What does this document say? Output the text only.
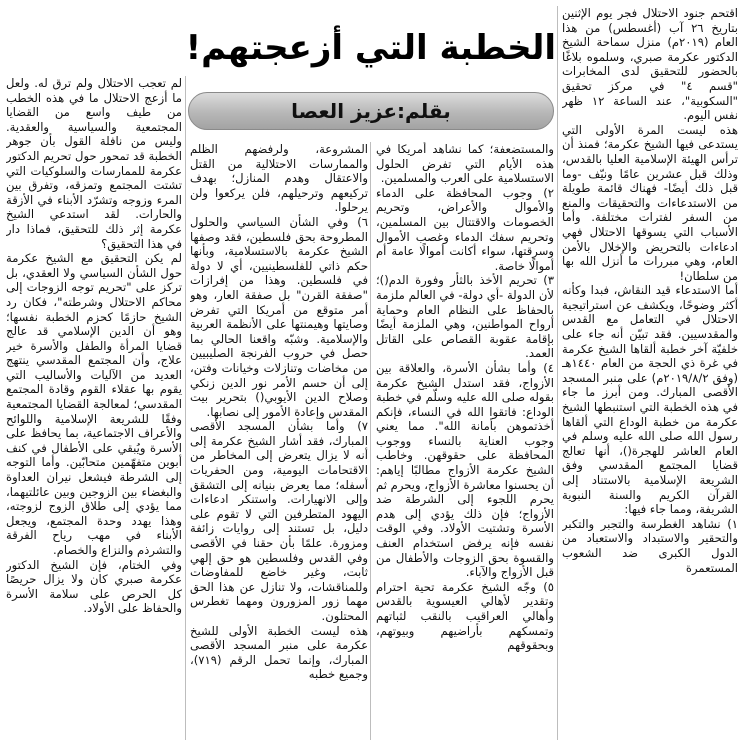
الخطبة التي أزعجتهم!
بقلم:عزيز العصا

اقتحم جنود الاحتلال فجر يوم الإثنين بتاريخ ٢٦ آب (أغسطس) من هذا العام (٢٠١٩م) منزل سماحة الشيخ الدكتور عكرمة صبري، وسلموه بلاغًا بالحضور للتحقيق لدى المخابرات "قسم ٤" في مركز تحقيق "السكوبية"، عند الساعة ١٢ ظهر نفس اليوم.

هذه ليست المرة الأولى التي يستدعى فيها الشيخ عكرمة؛ فمنذ أن ترأس الهيئة الإسلامية العليا بالقدس، وذلك قبل عشرين عامًا ونيّف -وما قبل ذلك أيضًا- فهناك قائمة طويلة من الاستدعاءات والتحقيقات والمنع من السفر لفترات مختلفة. وأما الأسباب التي يسوقها الاحتلال فهي ادعاءات بالتحريض والإخلال بالأمن العام، وهي مبررات ما أنزل الله بها من سلطان!

أما الاستدعاء قيد النقاش، فبدا وكأنه أكثر وضوحًا، ويكشف عن استراتيجية الاحتلال في التعامل مع القدس والمقدسيين. فقد تبيّن أنه جاء على خلفيّة آخر خطبة ألقاها الشيخ عكرمة في غرة ذي الحجة من العام ١٤٤٠هـ (وفق ٢٠١٩/٨/٢م) على منبر المسجد الأقصى المبارك. ومن أبرز ما جاء في هذه الخطبة التي استنبطها الشيخ عكرمة من خطبة الوداع التي ألقاها رسول الله صلى الله عليه وسلم في العام العاشر للهجرة()، أنها تعالج قضايا المجتمع المقدسي وفق الشريعة الإسلامية بالاستناد إلى القرآن الكريم والسنة النبوية الشريفة، ومما جاء فيها:

١) نشاهد الغطرسة والتجبر والتكبر والتحقير والاستبداد والاستعباد من الدول الكبرى ضد الشعوب المستعمرة

والمستضعفة؛ كما نشاهد أمريكا في هذه الأيام التي تفرض الحلول الاستسلامية على العرب والمسلمين.

٢) وجوب المحافظة على الدماء والأموال والأعراض، وتحريم الخصومات والاقتتال بين المسلمين، وتحريم سفك الدماء وغصب الأموال وسرقتها، سواء أكانت أموالًا عامة أم أموالًا خاصة.

٣) تحريم الأخذ بالثأر وفورة الدم()؛ لأن الدولة -أي دولة- في العالم ملزمة بالحفاظ على النظام العام وحماية أرواح المواطنين، وهي الملزمة أيضًا بإقامة عقوبة القصاص على القاتل العمد.

٤) وأما بشأن الأسرة، والعلاقة بين الأزواج، فقد استدل الشيخ عكرمة بقوله صلى الله عليه وسلّم في خطبة الوداع: فاتقوا الله في النساء، فإنكم أخذتموهن بأمانة الله". مما يعني وجوب العناية بالنساء ووجوب المحافظة على حقوقهن. وخاطب الشيخ عكرمة الأزواج مطالبًا إياهم: أن يحسنوا معاشرة الأزواج، ويحرم ثم يحرم اللجوء إلى الشرطة ضد الأزواج؛ فإن ذلك يؤدي إلى هدم الأسرة وتشتيت الأولاد. وفي الوقت نفسه فإنه يرفض استخدام العنف والقسوة بحق الزوجات والأطفال من قبل الأزواج والآباء.

٥) وجّه الشيخ عكرمة تحية احترام وتقدير لأهالي العيسوية بالقدس وأهالي العراقيب بالنقب لثباتهم وتمسكهم بأراضيهم وبيوتهم، وبحقوقهم

المشروعة، ولرفضهم الظلم والممارسات الاحتلالية من القتل والاعتقال وهدم المنازل؛ بهدف تركيعهم وترحيلهم، فلن يركعوا ولن يرحلوا.

٦) وفي الشأن السياسي والحلول المطروحة بحق فلسطين، فقد وصفها الشيخ عكرمة بالاستسلامية، وبأنها حكم ذاتي للفلسطينيين، أي لا دولة في فلسطين. وهذا من إفرازات "صفقة القرن" بل صفقة العار، وهو أمر متوقع من أمريكا التي تفرض وصايتها وهيمنتها على الأنظمة العربية والإسلامية. وشبّه واقعنا الحالي بما حصل في حروب الفرنجة الصليبيين من مخاضات وتنازلات وخيانات وفتن، إلى أن حسم الأمر نور الدين زنكي وصلاح الدين الأيوبي() بتحرير بيت المقدس وإعادة الأمور إلى نصابها.

٧) وأما بشأن المسجد الأقصى المبارك، فقد أشار الشيخ عكرمة إلى أنه لا يزال يتعرض إلى المخاطر من الاقتحامات اليومية، ومن الحفريات أسفله؛ مما يعرض بنيانه إلى التشقق وإلى الانهيارات. واستنكر ادعاءات اليهود المتطرفين التي لا تقوم على دليل، بل تستند إلى روايات زائفة ومزورة. علمًا بأن حقنا في الأقصى وفي القدس وفلسطين هو حق إلهي ثابت، وغير خاضع للمفاوضات وللمناقشات، ولا تنازل عن هذا الحق مهما زور المزورون ومهما تغطرس المحتلون.

هذه ليست الخطبة الأولى للشيخ عكرمة على منبر المسجد الأقصى المبارك، وإنما تحمل الرقم (٧١٩)، وجميع خطبه

لم تعجب الاحتلال ولم ترق له. ولعل ما أزعج الاحتلال ما في هذه الخطب من طيف واسع من القضايا المجتمعية والسياسية والعقدية. وليس من نافلة القول بأن جوهر الخطبة قد تمحور حول تحريم الدكتور عكرمة للممارسات والسلوكيات التي تشتت المجتمع وتمزقه، وتفرق بين المرء وزوجه وتشرّد الأبناء في الأزقة والحارات. لقد استدعي الشيخ عكرمة إثر ذلك للتحقيق، فماذا دار في هذا التحقيق؟

لم يكن التحقيق مع الشيخ عكرمة حول الشأن السياسي ولا العقدي، بل تركز على "تحريم توجه الزوجات إلى محاكم الاحتلال وشرطته"، فكان رد الشيخ حازمًا كحزم الخطبة نفسها؛ وهو أن الدين الإسلامي قد عالج قضايا المرأة والطفل والأسرة خير علاج، وأن المجتمع المقدسي ينتهج العديد من الآليات والأساليب التي يقوم بها عقلاء القوم وقادة المجتمع المقدسي؛ لمعالجة القضايا المجتمعية وفقًا للشريعة الإسلامية واللوائح والأعراف الاجتماعية، بما يحافظ على الأسرة ويُبقي على الأطفال في كنف أبوين متفهّمين متحابّين. وأما التوجه إلى الشرطة فيشعل نيران العداوة والبغضاء بين الزوجين وبين عائلتيهما، مما يؤدي إلى طلاق الزوج لزوجته، وهذا يهدد وحدة المجتمع، ويجعل الأبناء في مهب رياح الفرقة والتشرذم والنزاع والخصام.

وفي الختام، فإن الشيخ الدكتور عكرمة صبري كان ولا يزال حريصًا كل الحرص على سلامة الأسرة والحفاظ على الأولاد.
